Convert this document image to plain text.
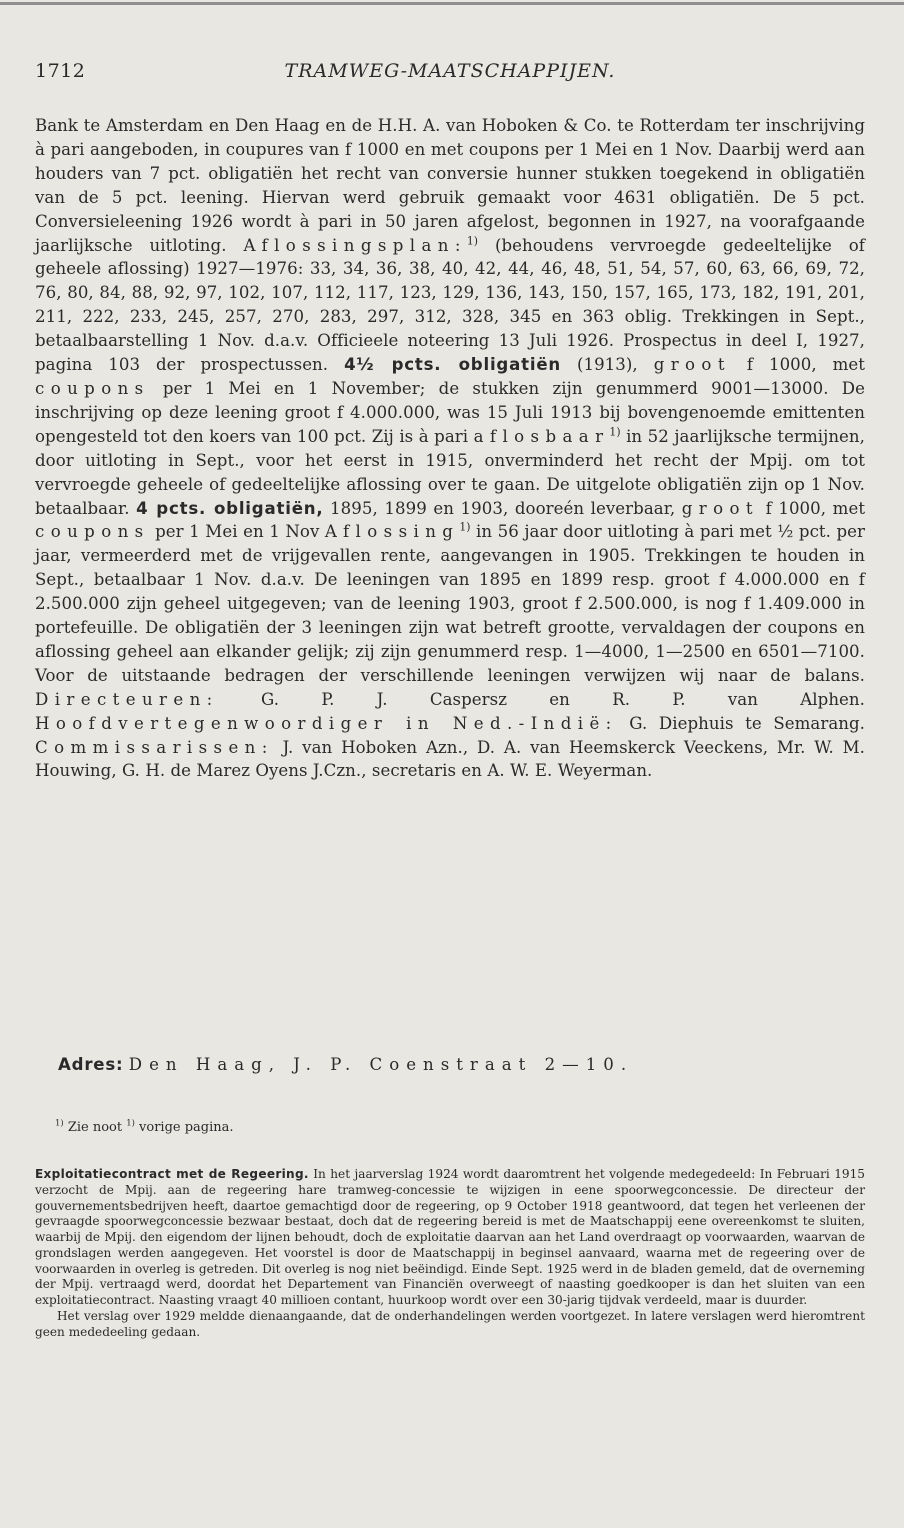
1712	TRAMWEG-MAATSCHAPPIJEN.

Bank te Amsterdam en Den Haag en de H.H. A. van Hoboken & Co. te Rotterdam ter inschrijving à pari aangeboden, in coupures van f 1000 en met coupons per 1 Mei en 1 Nov. Daarbij werd aan houders van 7 pct. obligatiën het recht van conversie hunner stukken toegekend in obligatiën van de 5 pct. leening. Hiervan werd gebruik gemaakt voor 4631 obligatiën. De 5 pct. Conversieleening 1926 wordt à pari in 50 jaren afgelost, begonnen in 1927, na voorafgaande jaarlijksche uitloting. Aflossingsplan:$^{1)}$ (behoudens vervroegde gedeeltelijke of geheele aflossing) 1927—1976: 33, 34, 36, 38, 40, 42, 44, 46, 48, 51, 54, 57, 60, 63, 66, 69, 72, 76, 80, 84, 88, 92, 97, 102, 107, 112, 117, 123, 129, 136, 143, 150, 157, 165, 173, 182, 191, 201, 211, 222, 233, 245, 257, 270, 283, 297, 312, 328, 345 en 363 oblig. Trekkingen in Sept., betaalbaarstelling 1 Nov. d.a.v. Officieele noteering 13 Juli 1926. Prospectus in deel I, 1927, pagina 103 der prospectussen. 4½ pcts. obligatiën (1913), groot f 1000, met coupons per 1 Mei en 1 November; de stukken zijn genummerd 9001—13000. De inschrijving op deze leening groot f 4.000.000, was 15 Juli 1913 bij bovengenoemde emittenten opengesteld tot den koers van 100 pct. Zij is à pari aflosbaar$^{1)}$ in 52 jaarlijksche termijnen, door uitloting in Sept., voor het eerst in 1915, onverminderd het recht der Mpij. om tot vervroegde geheele of gedeeltelijke aflossing over te gaan. De uitgelote obligatiën zijn op 1 Nov. betaalbaar. 4 pcts. obligatiën, 1895, 1899 en 1903, dooreén leverbaar, groot f 1000, met coupons per 1 Mei en 1 Nov Aflossing$^{1)}$ in 56 jaar door uitloting à pari met ½ pct. per jaar, vermeerderd met de vrijgevallen rente, aangevangen in 1905. Trekkingen te houden in Sept., betaalbaar 1 Nov. d.a.v. De leeningen van 1895 en 1899 resp. groot f 4.000.000 en f 2.500.000 zijn geheel uitgegeven; van de leening 1903, groot f 2.500.000, is nog f 1.409.000 in portefeuille. De obligatiën der 3 leeningen zijn wat betreft grootte, vervaldagen der coupons en aflossing geheel aan elkander gelijk; zij zijn genummerd resp. 1—4000, 1—2500 en 6501—7100. Voor de uitstaande bedragen der verschillende leeningen verwijzen wij naar de balans. Directeuren:	G. P. J. Caspersz en R. P. van Alphen. Hoofdvertegenwoordiger in Ned.-Indië: G. Diephuis te Semarang. Commissarissen: J. van Hoboken Azn., D. A. van Heemskerck Veeckens, Mr. W. M. Houwing, G. H. de Marez Oyens J.Czn., secretaris en A. W. E. Weyerman.

Adres: Den Haag, J. P. Coenstraat 2—10.
$^{1)}$ Zie noot $^{1)}$ vorige pagina.

Exploitatiecontract met de Regeering. In het jaarverslag 1924 wordt daaromtrent het volgende medegedeeld: In Februari 1915 verzocht de Mpij. aan de regeering hare tramweg-concessie te wijzigen in eene spoorwegconcessie. De directeur der gouvernementsbedrijven heeft, daartoe gemachtigd door de regeering, op 9 October 1918 geantwoord, dat tegen het verleenen der gevraagde spoorwegconcessie bezwaar bestaat, doch dat de regeering bereid is met de Maatschappij eene overeenkomst te sluiten, waarbij de Mpij. den eigendom der lijnen behoudt, doch de exploitatie daarvan aan het Land overdraagt op voorwaarden, waarvan de grondslagen werden aangegeven. Het voorstel is door de Maatschappij in beginsel aanvaard, waarna met de regeering over de voorwaarden in overleg is getreden. Dit overleg is nog niet beëindigd. Einde Sept. 1925 werd in de bladen gemeld, dat de overneming der Mpij. vertraagd werd, doordat het Departement van Financiën overweegt of naasting goedkooper is dan het sluiten van een exploitatiecontract. Naasting vraagt 40 millioen contant, huurkoop wordt over een 30-jarig tijdvak verdeeld, maar is duurder.

Het verslag over 1929 meldde dienaangaande, dat de onderhandelingen werden voortgezet. In latere verslagen werd hieromtrent geen mededeeling gedaan.
